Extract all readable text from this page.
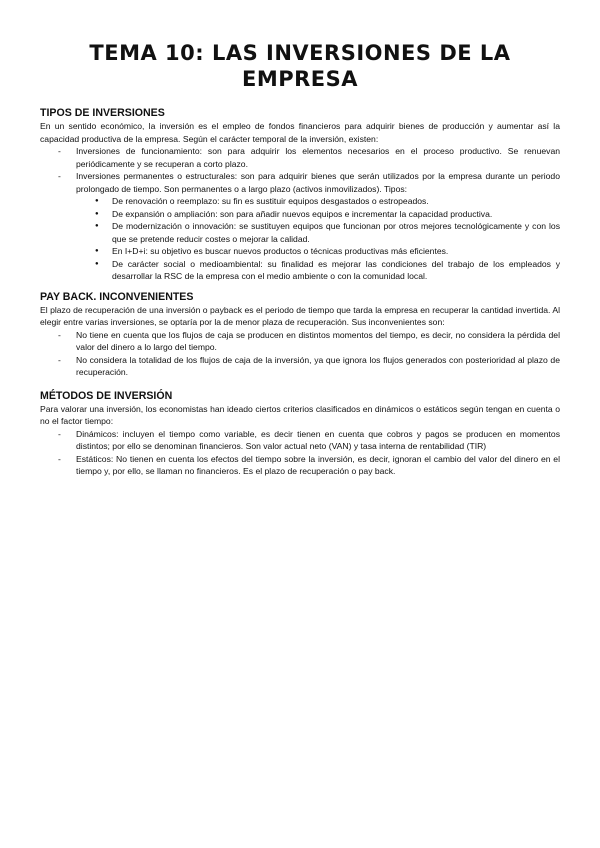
TEMA 10: LAS INVERSIONES DE LA EMPRESA
TIPOS DE INVERSIONES

En un sentido económico, la inversión es el empleo de fondos financieros para adquirir bienes de producción y aumentar así la capacidad productiva de la empresa. Según el carácter temporal de la inversión, existen:

- Inversiones de funcionamiento: son para adquirir los elementos necesarios en el proceso productivo. Se renuevan periódicamente y se recuperan a corto plazo.
- Inversiones permanentes o estructurales: son para adquirir bienes que serán utilizados por la empresa durante un periodo prolongado de tiempo. Son permanentes o a largo plazo (activos inmovilizados). Tipos:
● De renovación o reemplazo: su fin es sustituir equipos desgastados o estropeados.
● De expansión o ampliación: son para añadir nuevos equipos e incrementar la capacidad productiva.
● De modernización o innovación: se sustituyen equipos que funcionan por otros mejores tecnológicamente y con los que se pretende reducir costes o mejorar la calidad.
● En I+D+i: su objetivo es buscar nuevos productos o técnicas productivas más eficientes.
● De carácter social o medioambiental: su finalidad es mejorar las condiciones del trabajo de los empleados y desarrollar la RSC de la empresa con el medio ambiente o con la comunidad local.
PAY BACK. INCONVENIENTES

El plazo de recuperación de una inversión o payback es el periodo de tiempo que tarda la empresa en recuperar la cantidad invertida. Al elegir entre varias inversiones, se optaría por la de menor plaza de recuperación. Sus inconvenientes son:

- No tiene en cuenta que los flujos de caja se producen en distintos momentos del tiempo, es decir, no considera la pérdida del valor del dinero a lo largo del tiempo.
- No considera la totalidad de los flujos de caja de la inversión, ya que ignora los flujos generados con posterioridad al plazo de recuperación.
MÉTODOS DE INVERSIÓN

Para valorar una inversión, los economistas han ideado ciertos criterios clasificados en dinámicos o estáticos según tengan en cuenta o no el factor tiempo:

- Dinámicos: incluyen el tiempo como variable, es decir tienen en cuenta que cobros y pagos se producen en momentos distintos; por ello se denominan financieros. Son valor actual neto (VAN) y tasa interna de rentabilidad (TIR)
- Estáticos: No tienen en cuenta los efectos del tiempo sobre la inversión, es decir, ignoran el cambio del valor del dinero en el tiempo y, por ello, se llaman no financieros. Es el plazo de recuperación o pay back.
